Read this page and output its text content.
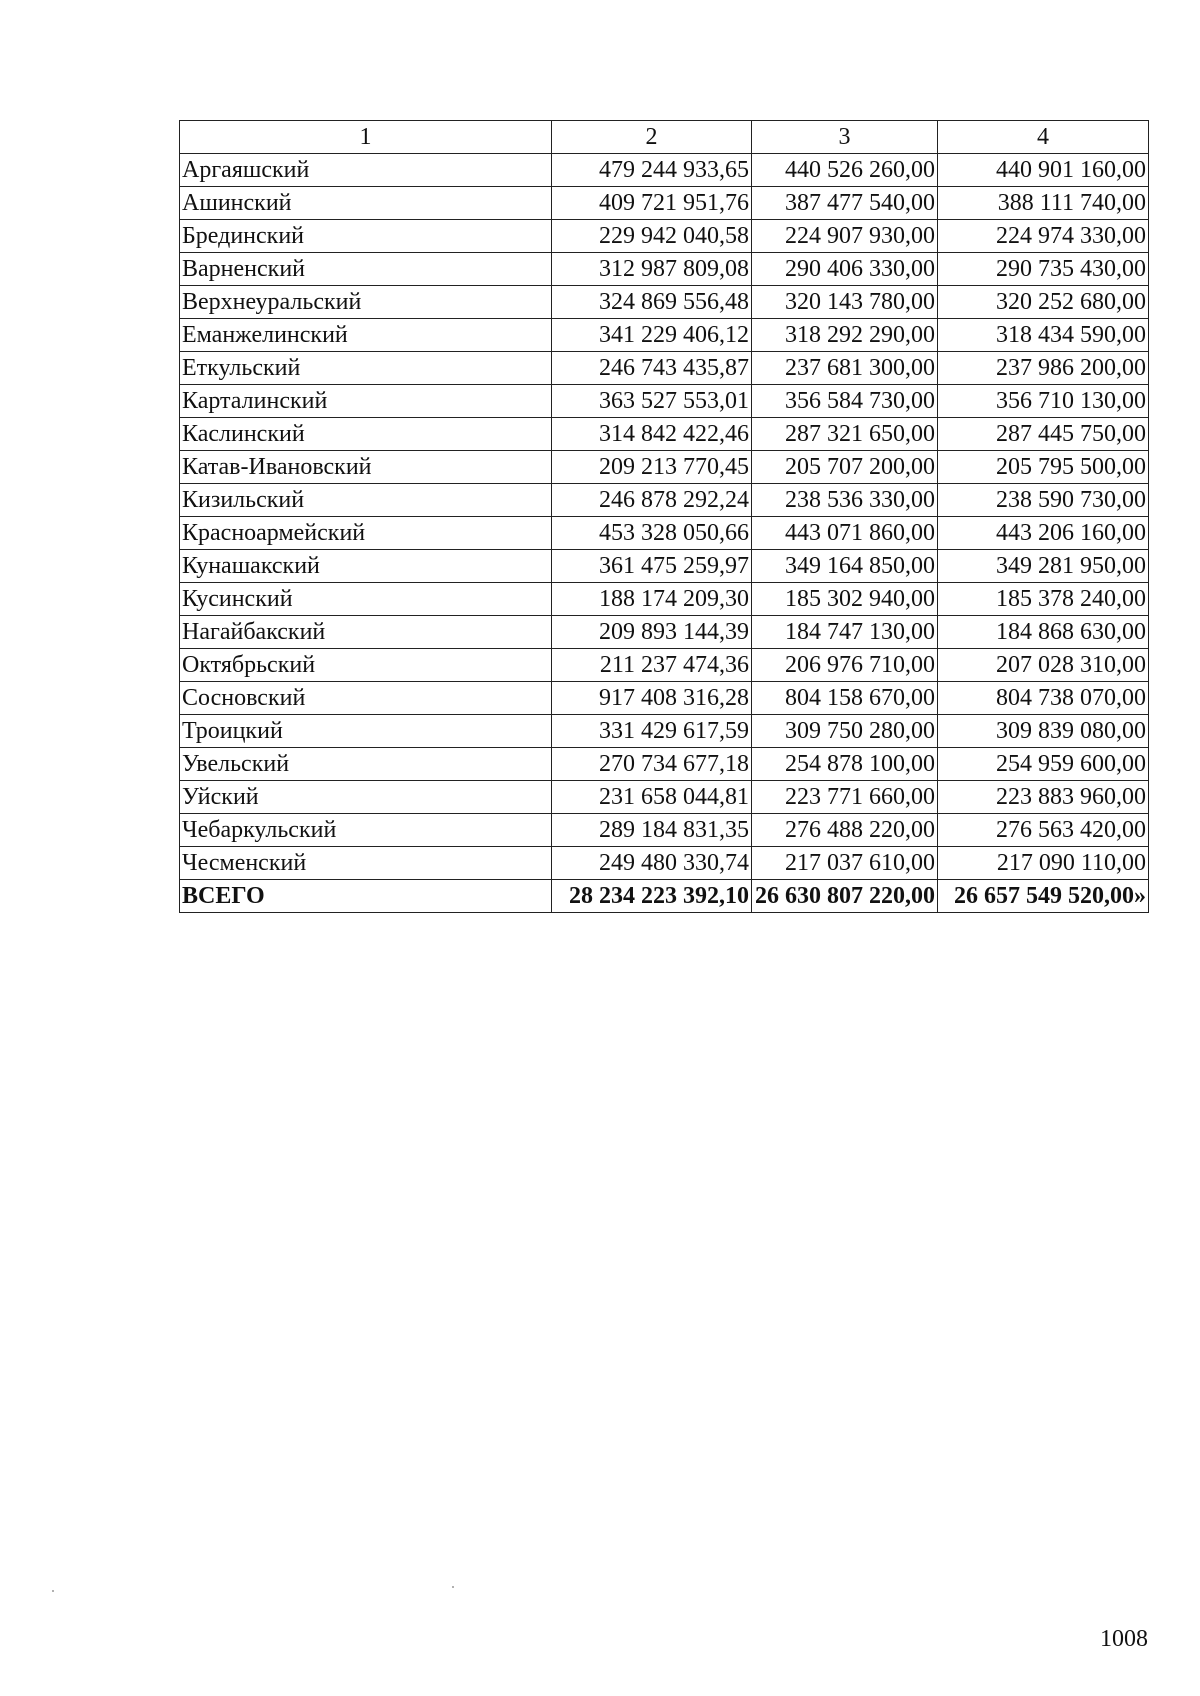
1	2	3	4
Аргаяшский	479 244 933,65	440 526 260,00	440 901 160,00
Ашинский	409 721 951,76	387 477 540,00	388 111 740,00
Брединский	229 942 040,58	224 907 930,00	224 974 330,00
Варненский	312 987 809,08	290 406 330,00	290 735 430,00
Верхнеуральский	324 869 556,48	320 143 780,00	320 252 680,00
Еманжелинский	341 229 406,12	318 292 290,00	318 434 590,00
Еткульский	246 743 435,87	237 681 300,00	237 986 200,00
Карталинский	363 527 553,01	356 584 730,00	356 710 130,00
Каслинский	314 842 422,46	287 321 650,00	287 445 750,00
Катав-Ивановский	209 213 770,45	205 707 200,00	205 795 500,00
Кизильский	246 878 292,24	238 536 330,00	238 590 730,00
Красноармейский	453 328 050,66	443 071 860,00	443 206 160,00
Кунашакский	361 475 259,97	349 164 850,00	349 281 950,00
Кусинский	188 174 209,30	185 302 940,00	185 378 240,00
Нагайбакский	209 893 144,39	184 747 130,00	184 868 630,00
Октябрьский	211 237 474,36	206 976 710,00	207 028 310,00
Сосновский	917 408 316,28	804 158 670,00	804 738 070,00
Троицкий	331 429 617,59	309 750 280,00	309 839 080,00
Увельский	270 734 677,18	254 878 100,00	254 959 600,00
Уйский	231 658 044,81	223 771 660,00	223 883 960,00
Чебаркульский	289 184 831,35	276 488 220,00	276 563 420,00
Чесменский	249 480 330,74	217 037 610,00	217 090 110,00
ВСЕГО	28 234 223 392,10	26 630 807 220,00	26 657 549 520,00»
1008
